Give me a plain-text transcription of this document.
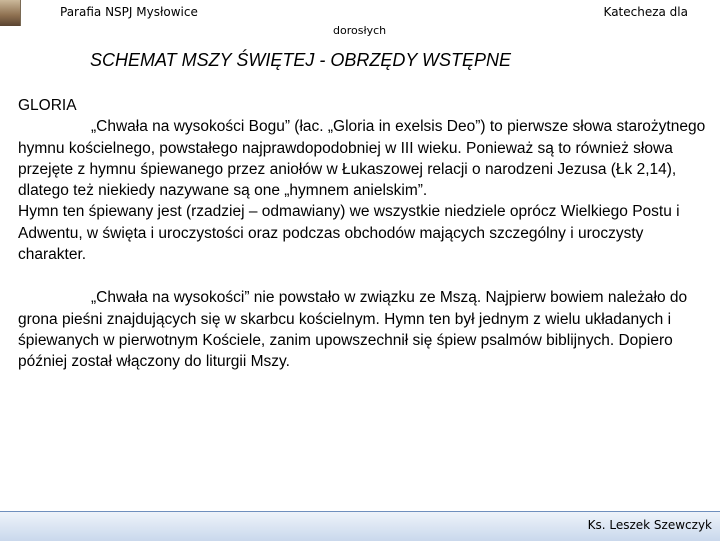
Parafia NSPJ Mysłowice	Katecheza dla
dorosłych
SCHEMAT MSZY ŚWIĘTEJ - OBRZĘDY WSTĘPNE

GLORIA

„Chwała na wysokości Bogu” (łac. „Gloria in exelsis Deo”) to pierwsze słowa starożytnego hymnu kościelnego, powstałego najprawdopodobniej w III wieku. Ponieważ są to również słowa przejęte z hymnu śpiewanego przez aniołów w Łukaszowej relacji o narodzeni Jezusa (Łk 2,14), dlatego też niekiedy nazywane są one „hymnem anielskim”.

Hymn ten śpiewany jest (rzadziej – odmawiany) we wszystkie niedziele oprócz Wielkiego Postu i Adwentu, w święta i uroczystości oraz podczas obchodów mających szczególny i uroczysty charakter.

„Chwała na wysokości” nie powstało w związku ze Mszą. Najpierw bowiem należało do grona pieśni znajdujących się w skarbcu kościelnym. Hymn ten był jednym z wielu układanych i śpiewanych w pierwotnym Kościele, zanim upowszechnił się śpiew psalmów biblijnych. Dopiero później został włączony do liturgii Mszy.

Ks. Leszek Szewczyk
